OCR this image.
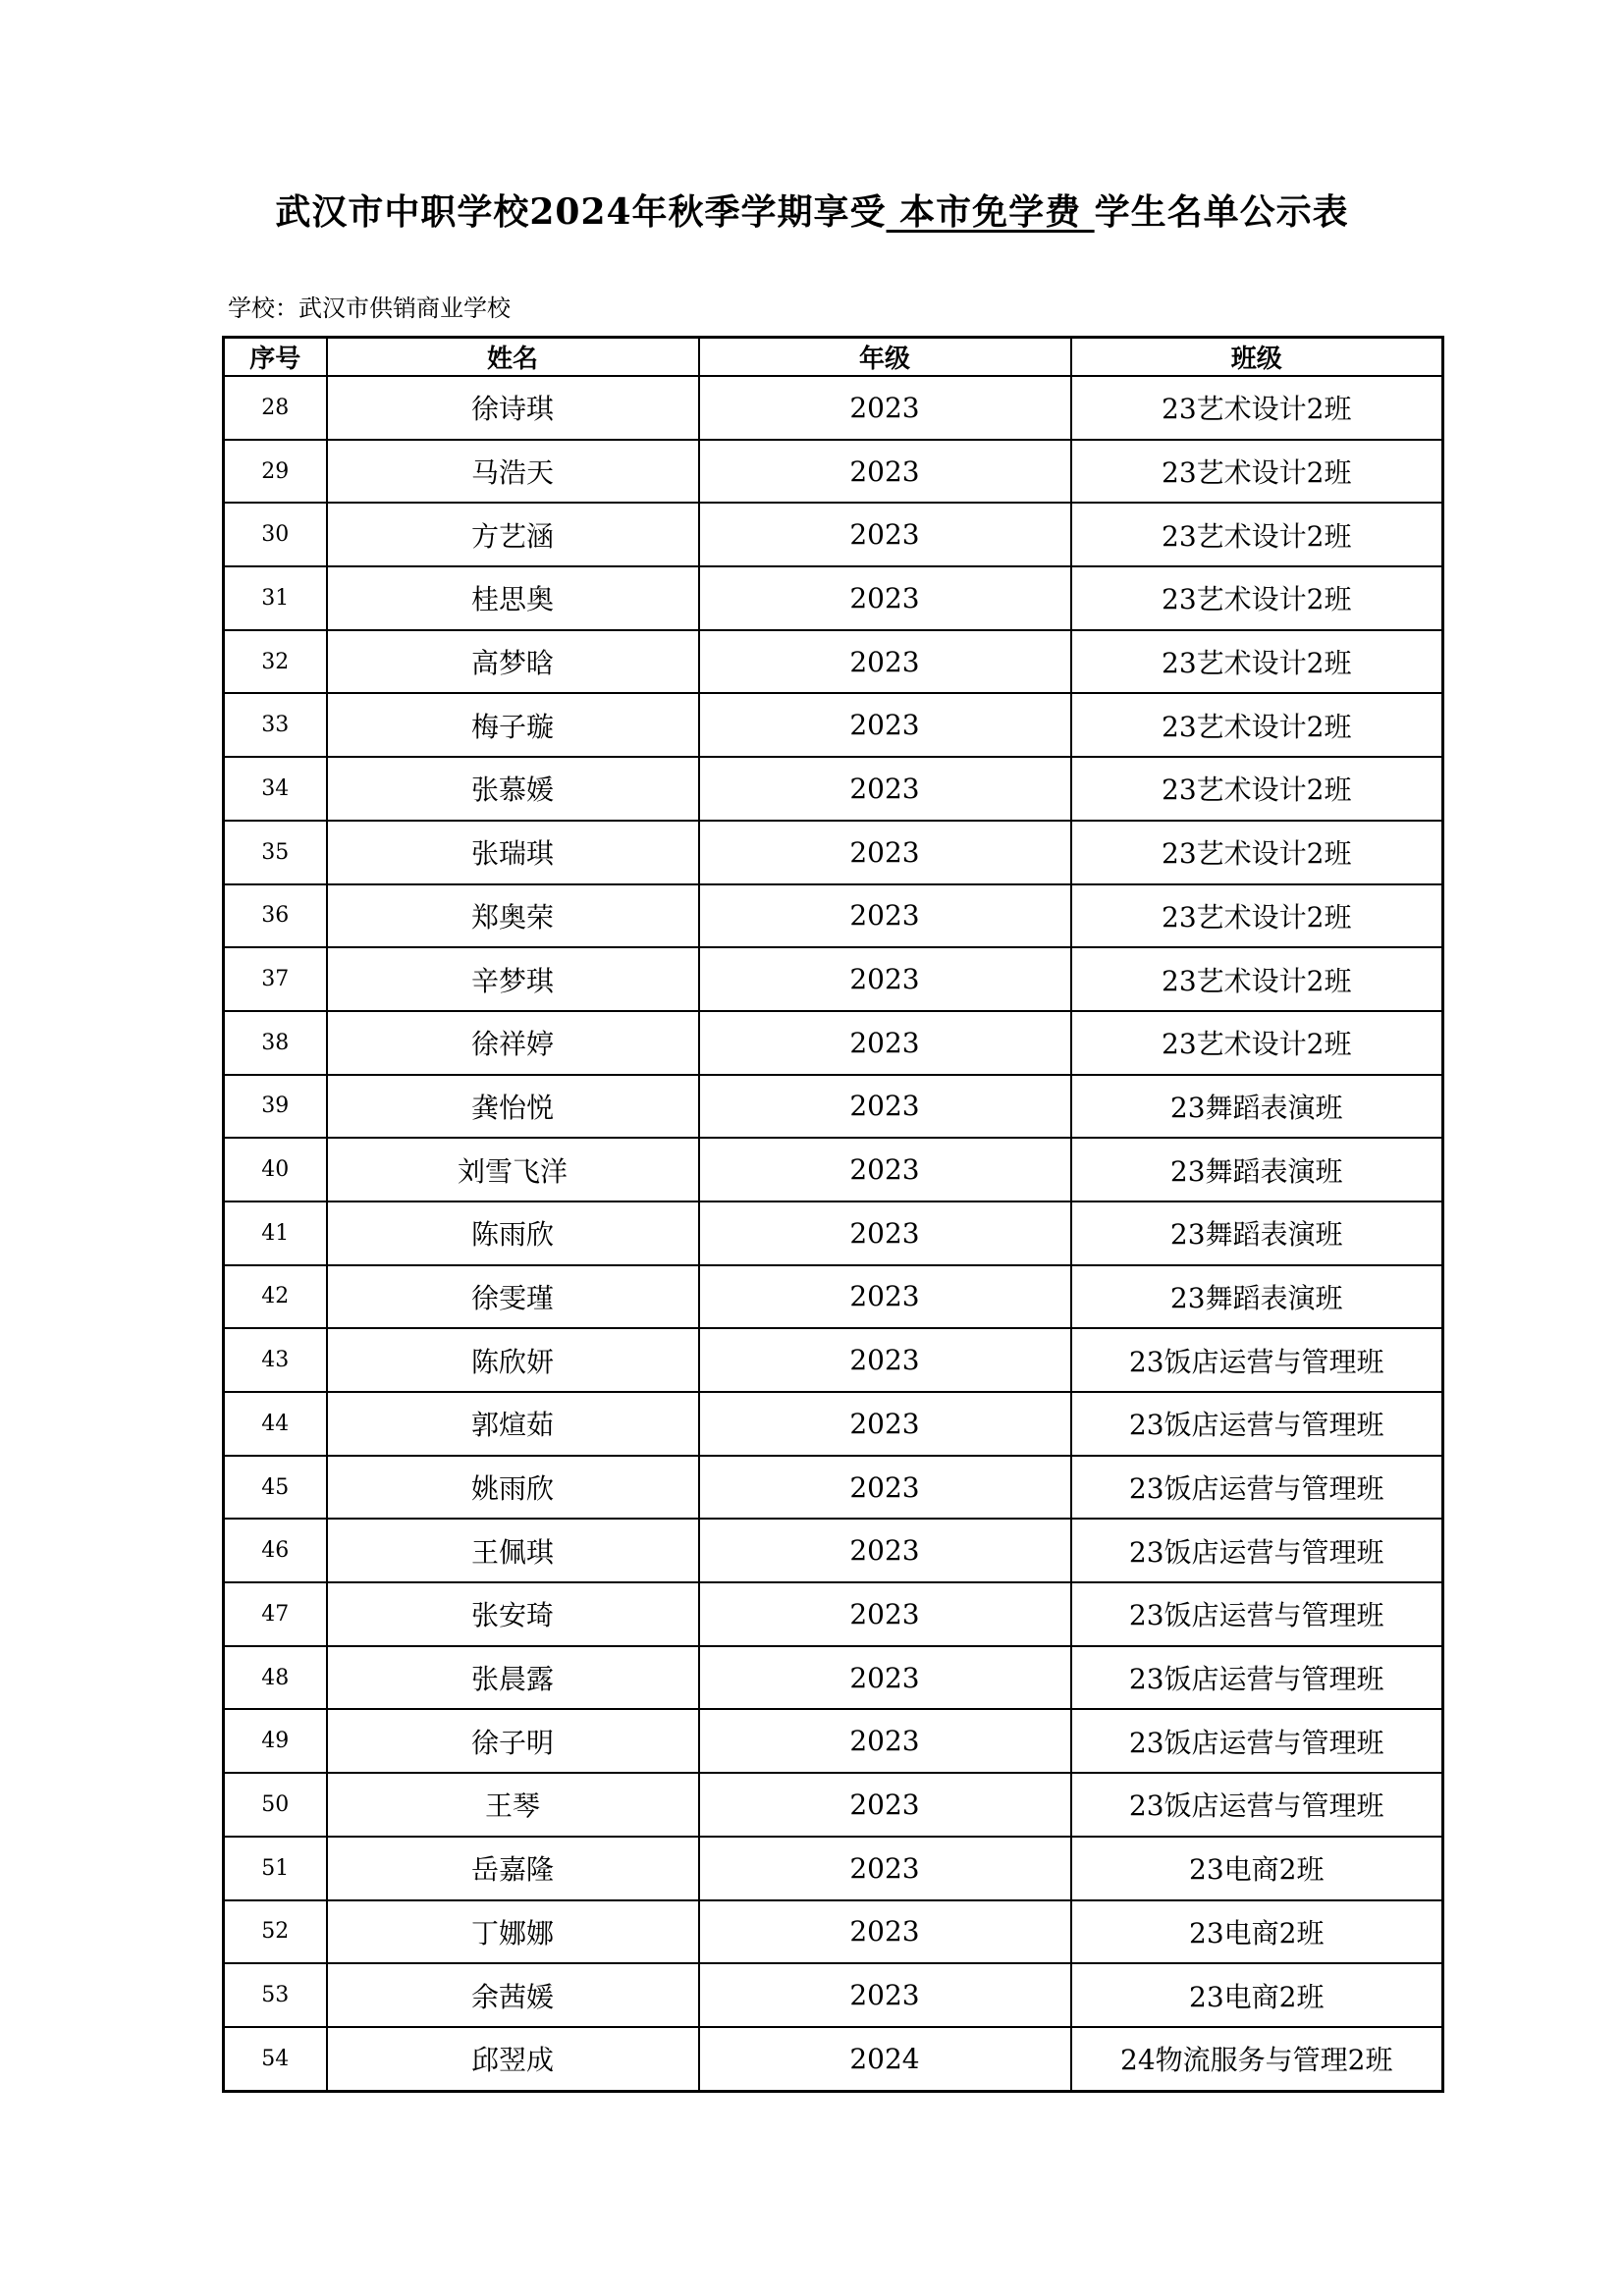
武汉市中职学校2024年秋季学期享受 本市免学费 学生名单公示表
学校：武汉市供销商业学校
序号	姓名	年级	班级
28	徐诗琪	2023	23艺术设计2班
29	马浩天	2023	23艺术设计2班
30	方艺涵	2023	23艺术设计2班
31	桂思奥	2023	23艺术设计2班
32	高梦晗	2023	23艺术设计2班
33	梅子璇	2023	23艺术设计2班
34	张慕媛	2023	23艺术设计2班
35	张瑞琪	2023	23艺术设计2班
36	郑奥荣	2023	23艺术设计2班
37	辛梦琪	2023	23艺术设计2班
38	徐祥婷	2023	23艺术设计2班
39	龚怡悦	2023	23舞蹈表演班
40	刘雪飞洋	2023	23舞蹈表演班
41	陈雨欣	2023	23舞蹈表演班
42	徐雯瑾	2023	23舞蹈表演班
43	陈欣妍	2023	23饭店运营与管理班
44	郭煊茹	2023	23饭店运营与管理班
45	姚雨欣	2023	23饭店运营与管理班
46	王佩琪	2023	23饭店运营与管理班
47	张安琦	2023	23饭店运营与管理班
48	张晨露	2023	23饭店运营与管理班
49	徐子明	2023	23饭店运营与管理班
50	王琴	2023	23饭店运营与管理班
51	岳嘉隆	2023	23电商2班
52	丁娜娜	2023	23电商2班
53	余茜媛	2023	23电商2班
54	邱翌成	2024	24物流服务与管理2班
